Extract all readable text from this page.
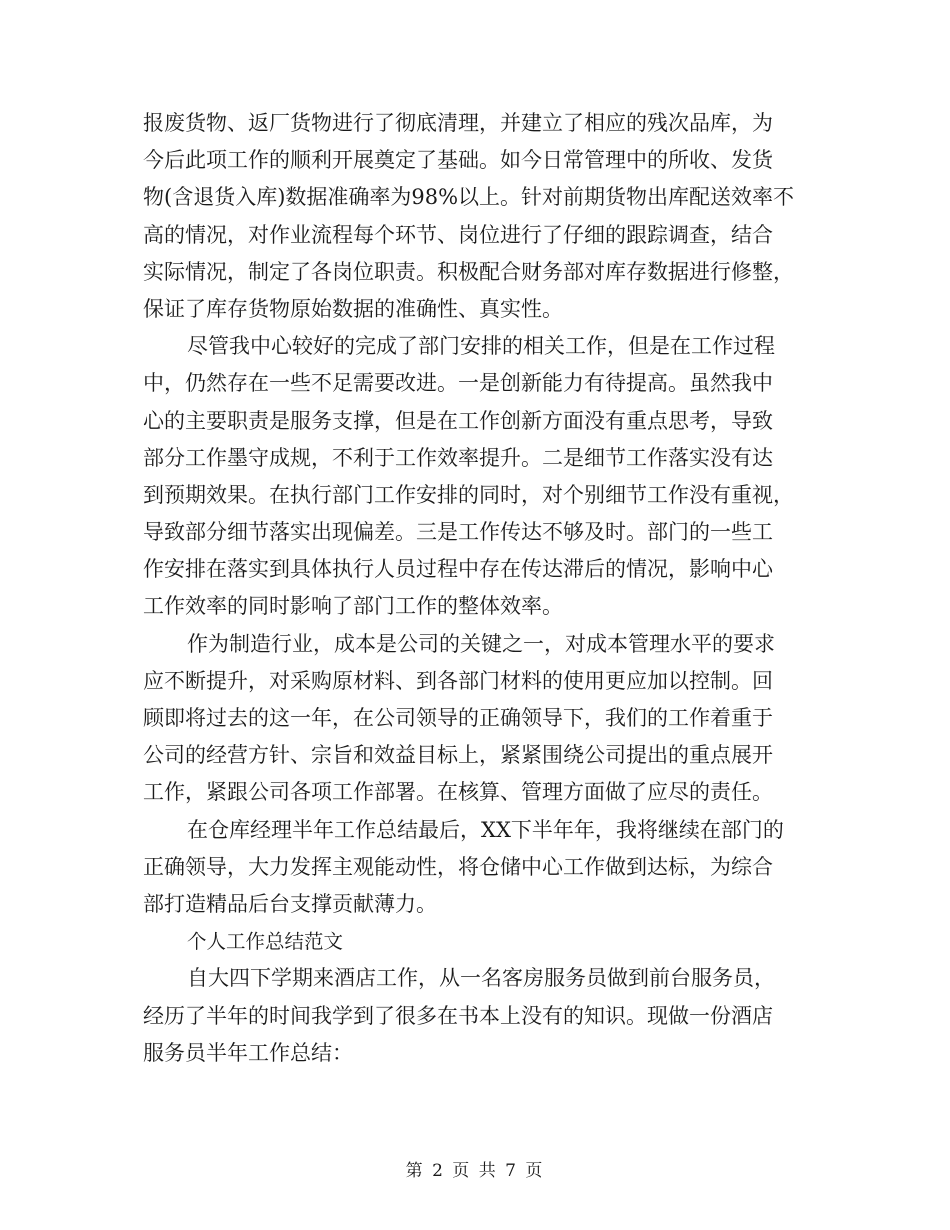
报废货物、返厂货物进行了彻底清理，并建立了相应的残次品库，为
今后此项工作的顺利开展奠定了基础。如今日常管理中的所收、发货
物(含退货入库)数据准确率为98%以上。针对前期货物出库配送效率不
高的情况，对作业流程每个环节、岗位进行了仔细的跟踪调查，结合
实际情况，制定了各岗位职责。积极配合财务部对库存数据进行修整，
保证了库存货物原始数据的准确性、真实性。

尽管我中心较好的完成了部门安排的相关工作，但是在工作过程
中，仍然存在一些不足需要改进。一是创新能力有待提高。虽然我中
心的主要职责是服务支撑，但是在工作创新方面没有重点思考，导致
部分工作墨守成规，不利于工作效率提升。二是细节工作落实没有达
到预期效果。在执行部门工作安排的同时，对个别细节工作没有重视，
导致部分细节落实出现偏差。三是工作传达不够及时。部门的一些工
作安排在落实到具体执行人员过程中存在传达滞后的情况，影响中心
工作效率的同时影响了部门工作的整体效率。

作为制造行业，成本是公司的关键之一，对成本管理水平的要求
应不断提升，对采购原材料、到各部门材料的使用更应加以控制。回
顾即将过去的这一年，在公司领导的正确领导下，我们的工作着重于
公司的经营方针、宗旨和效益目标上，紧紧围绕公司提出的重点展开
工作，紧跟公司各项工作部署。在核算、管理方面做了应尽的责任。

在仓库经理半年工作总结最后，XX下半年年，我将继续在部门的
正确领导，大力发挥主观能动性，将仓储中心工作做到达标，为综合
部打造精品后台支撑贡献薄力。

个人工作总结范文

自大四下学期来酒店工作，从一名客房服务员做到前台服务员，
经历了半年的时间我学到了很多在书本上没有的知识。现做一份酒店
服务员半年工作总结：

第 2 页 共 7 页
